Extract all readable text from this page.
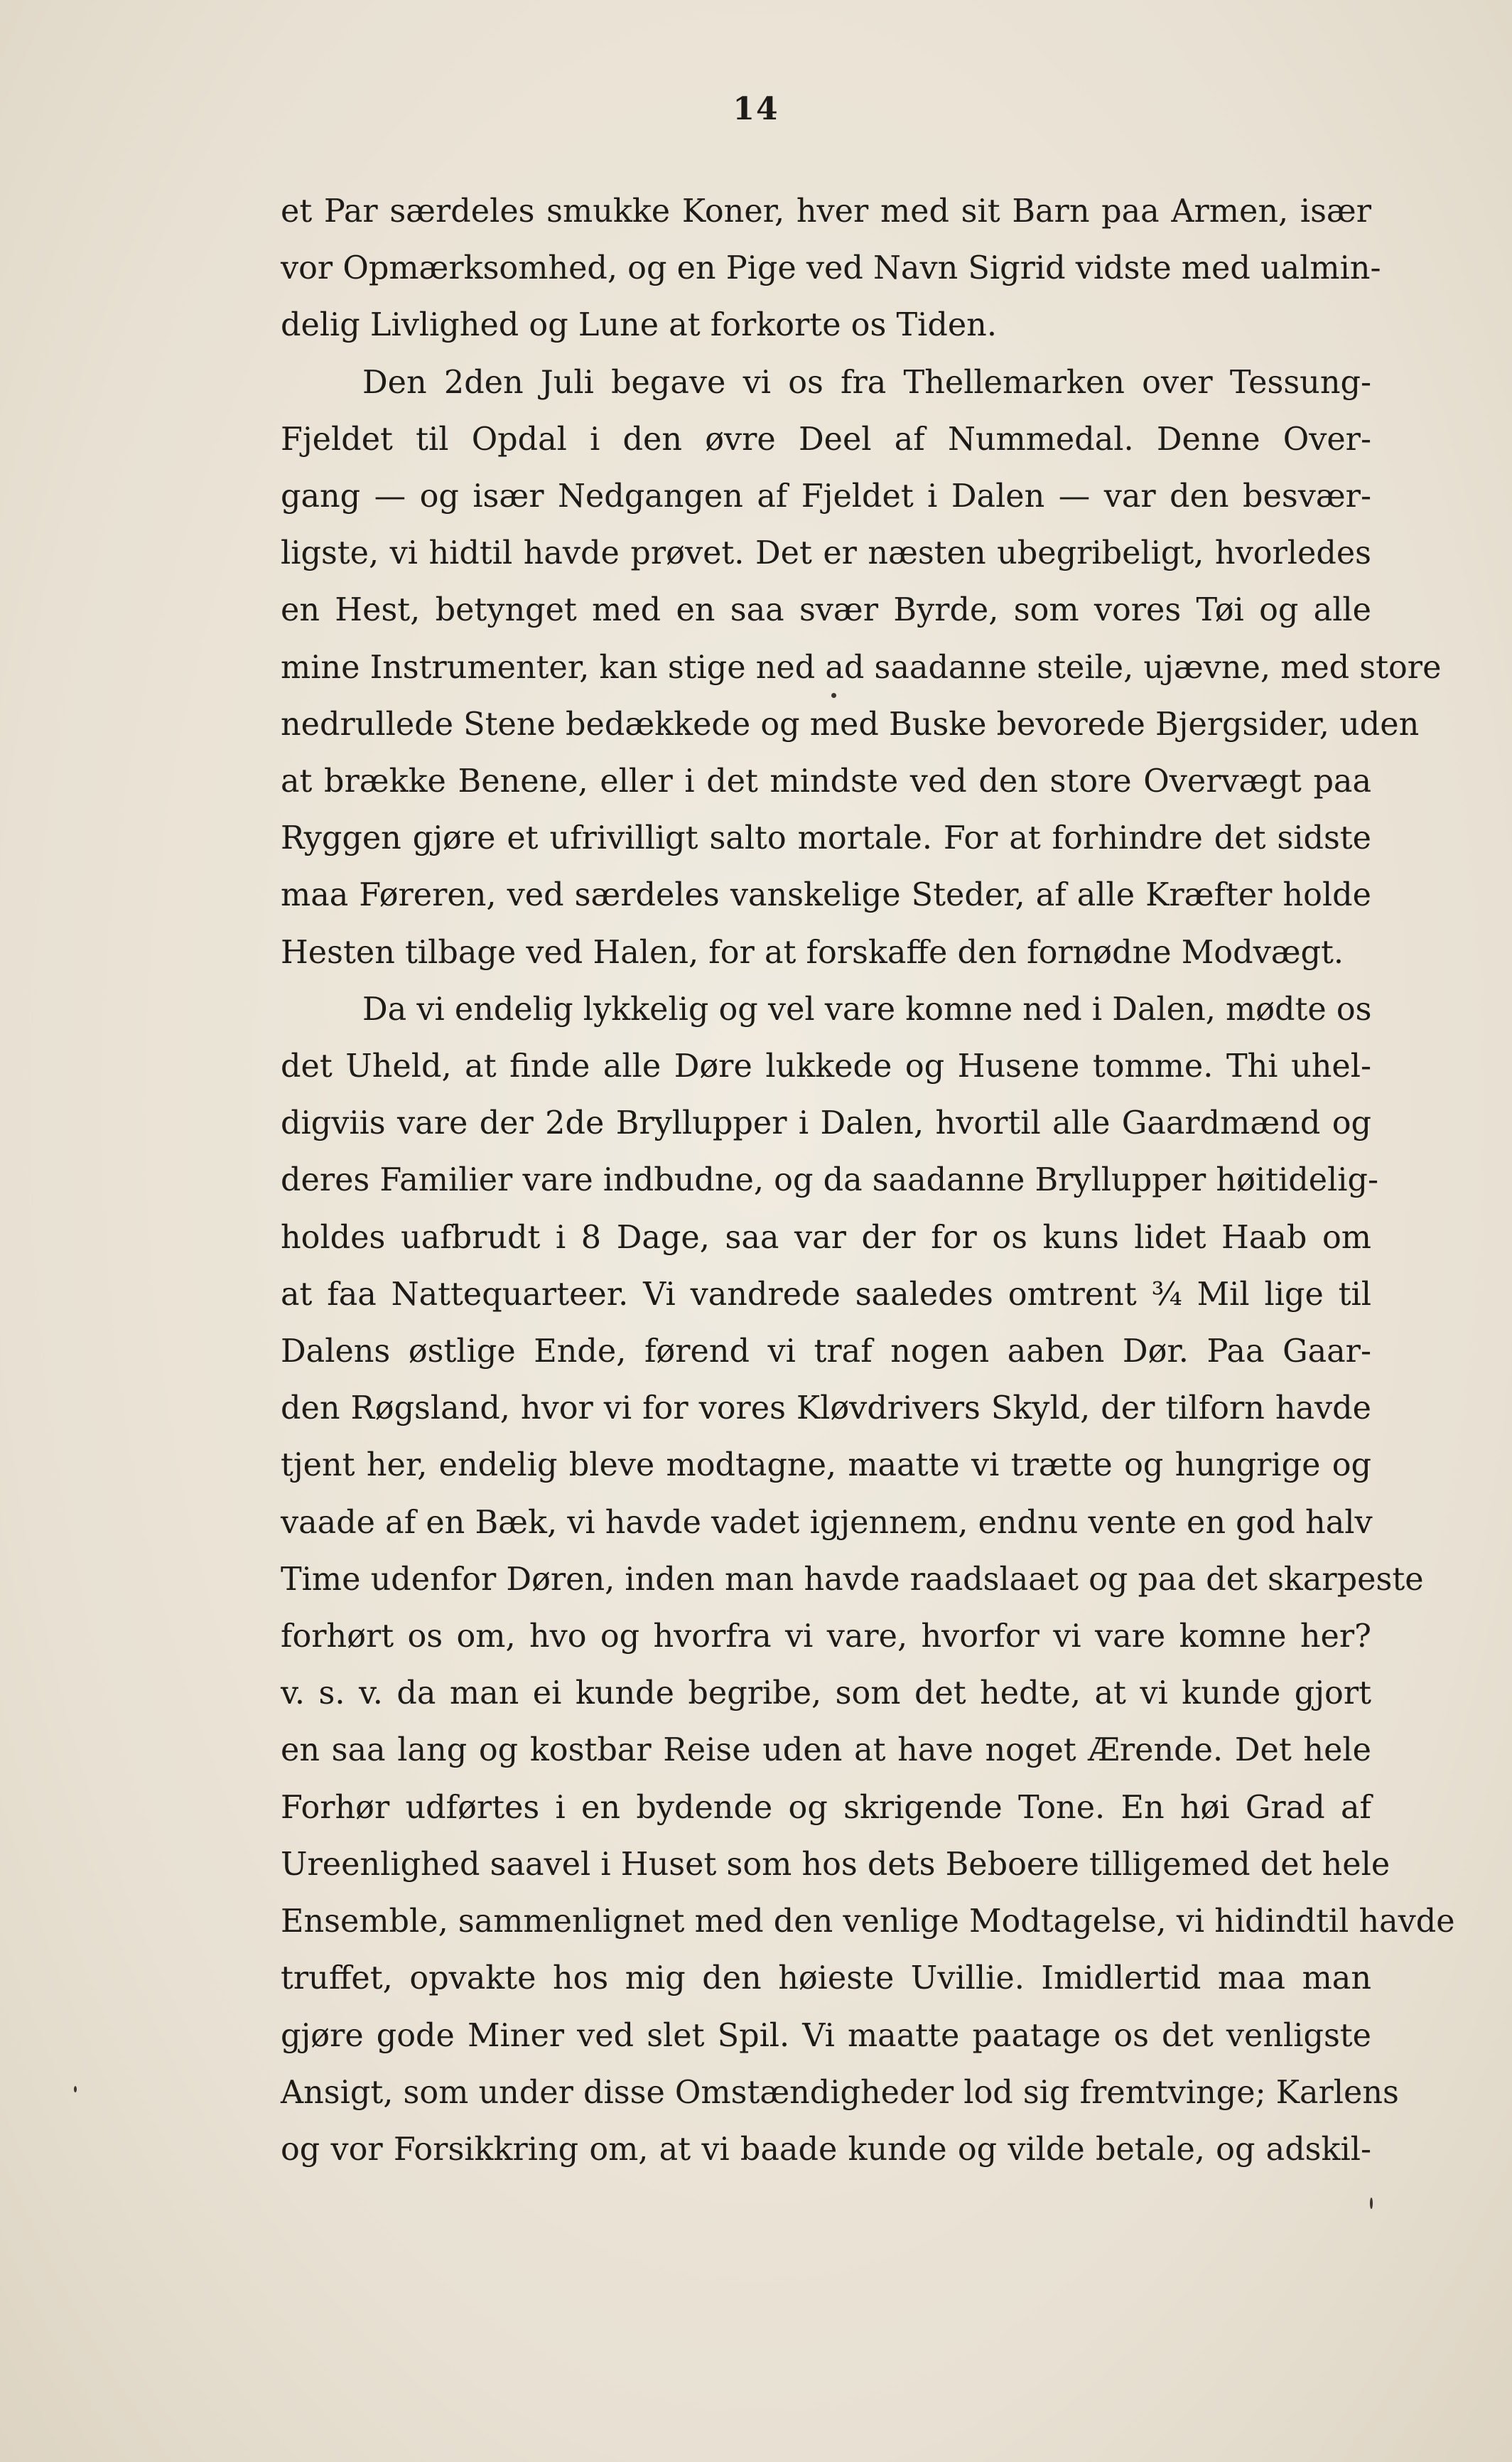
14
et Par særdeles smukke Koner, hver med sit Barn paa Armen, især
vor Opmærksomhed, og en Pige ved Navn Sigrid vidste med ualmin-
delig Livlighed og Lune at forkorte os Tiden.
Den 2den Juli begave vi os fra Thellemarken over Tessung-
Fjeldet til Opdal i den øvre Deel af Nummedal. Denne Over-
gang — og især Nedgangen af Fjeldet i Dalen — var den besvær-
ligste, vi hidtil havde prøvet. Det er næsten ubegribeligt, hvorledes
en Hest, betynget med en saa svær Byrde, som vores Tøi og alle
mine Instrumenter, kan stige ned ad saadanne steile, ujævne, med store
nedrullede Stene bedækkede og med Buske bevorede Bjergsider, uden
at brække Benene, eller i det mindste ved den store Overvægt paa
Ryggen gjøre et ufrivilligt salto mortale. For at forhindre det sidste
maa Føreren, ved særdeles vanskelige Steder, af alle Kræfter holde
Hesten tilbage ved Halen, for at forskaffe den fornødne Modvægt.
Da vi endelig lykkelig og vel vare komne ned i Dalen, mødte os
det Uheld, at finde alle Døre lukkede og Husene tomme. Thi uhel-
digviis vare der 2de Bryllupper i Dalen, hvortil alle Gaardmænd og
deres Familier vare indbudne, og da saadanne Bryllupper høitidelig-
holdes uafbrudt i 8 Dage, saa var der for os kuns lidet Haab om
at faa Nattequarteer. Vi vandrede saaledes omtrent ¾ Mil lige til
Dalens østlige Ende, førend vi traf nogen aaben Dør. Paa Gaar-
den Røgsland, hvor vi for vores Kløvdrivers Skyld, der tilforn havde
tjent her, endelig bleve modtagne, maatte vi trætte og hungrige og
vaade af en Bæk, vi havde vadet igjennem, endnu vente en god halv
Time udenfor Døren, inden man havde raadslaaet og paa det skarpeste
forhørt os om, hvo og hvorfra vi vare, hvorfor vi vare komne her?
v. s. v. da man ei kunde begribe, som det hedte, at vi kunde gjort
en saa lang og kostbar Reise uden at have noget Ærende. Det hele
Forhør udførtes i en bydende og skrigende Tone. En høi Grad af
Ureenlighed saavel i Huset som hos dets Beboere tilligemed det hele
Ensemble, sammenlignet med den venlige Modtagelse, vi hidindtil havde
truffet, opvakte hos mig den høieste Uvillie. Imidlertid maa man
gjøre gode Miner ved slet Spil. Vi maatte paatage os det venligste
Ansigt, som under disse Omstændigheder lod sig fremtvinge; Karlens
og vor Forsikkring om, at vi baade kunde og vilde betale, og adskil-
